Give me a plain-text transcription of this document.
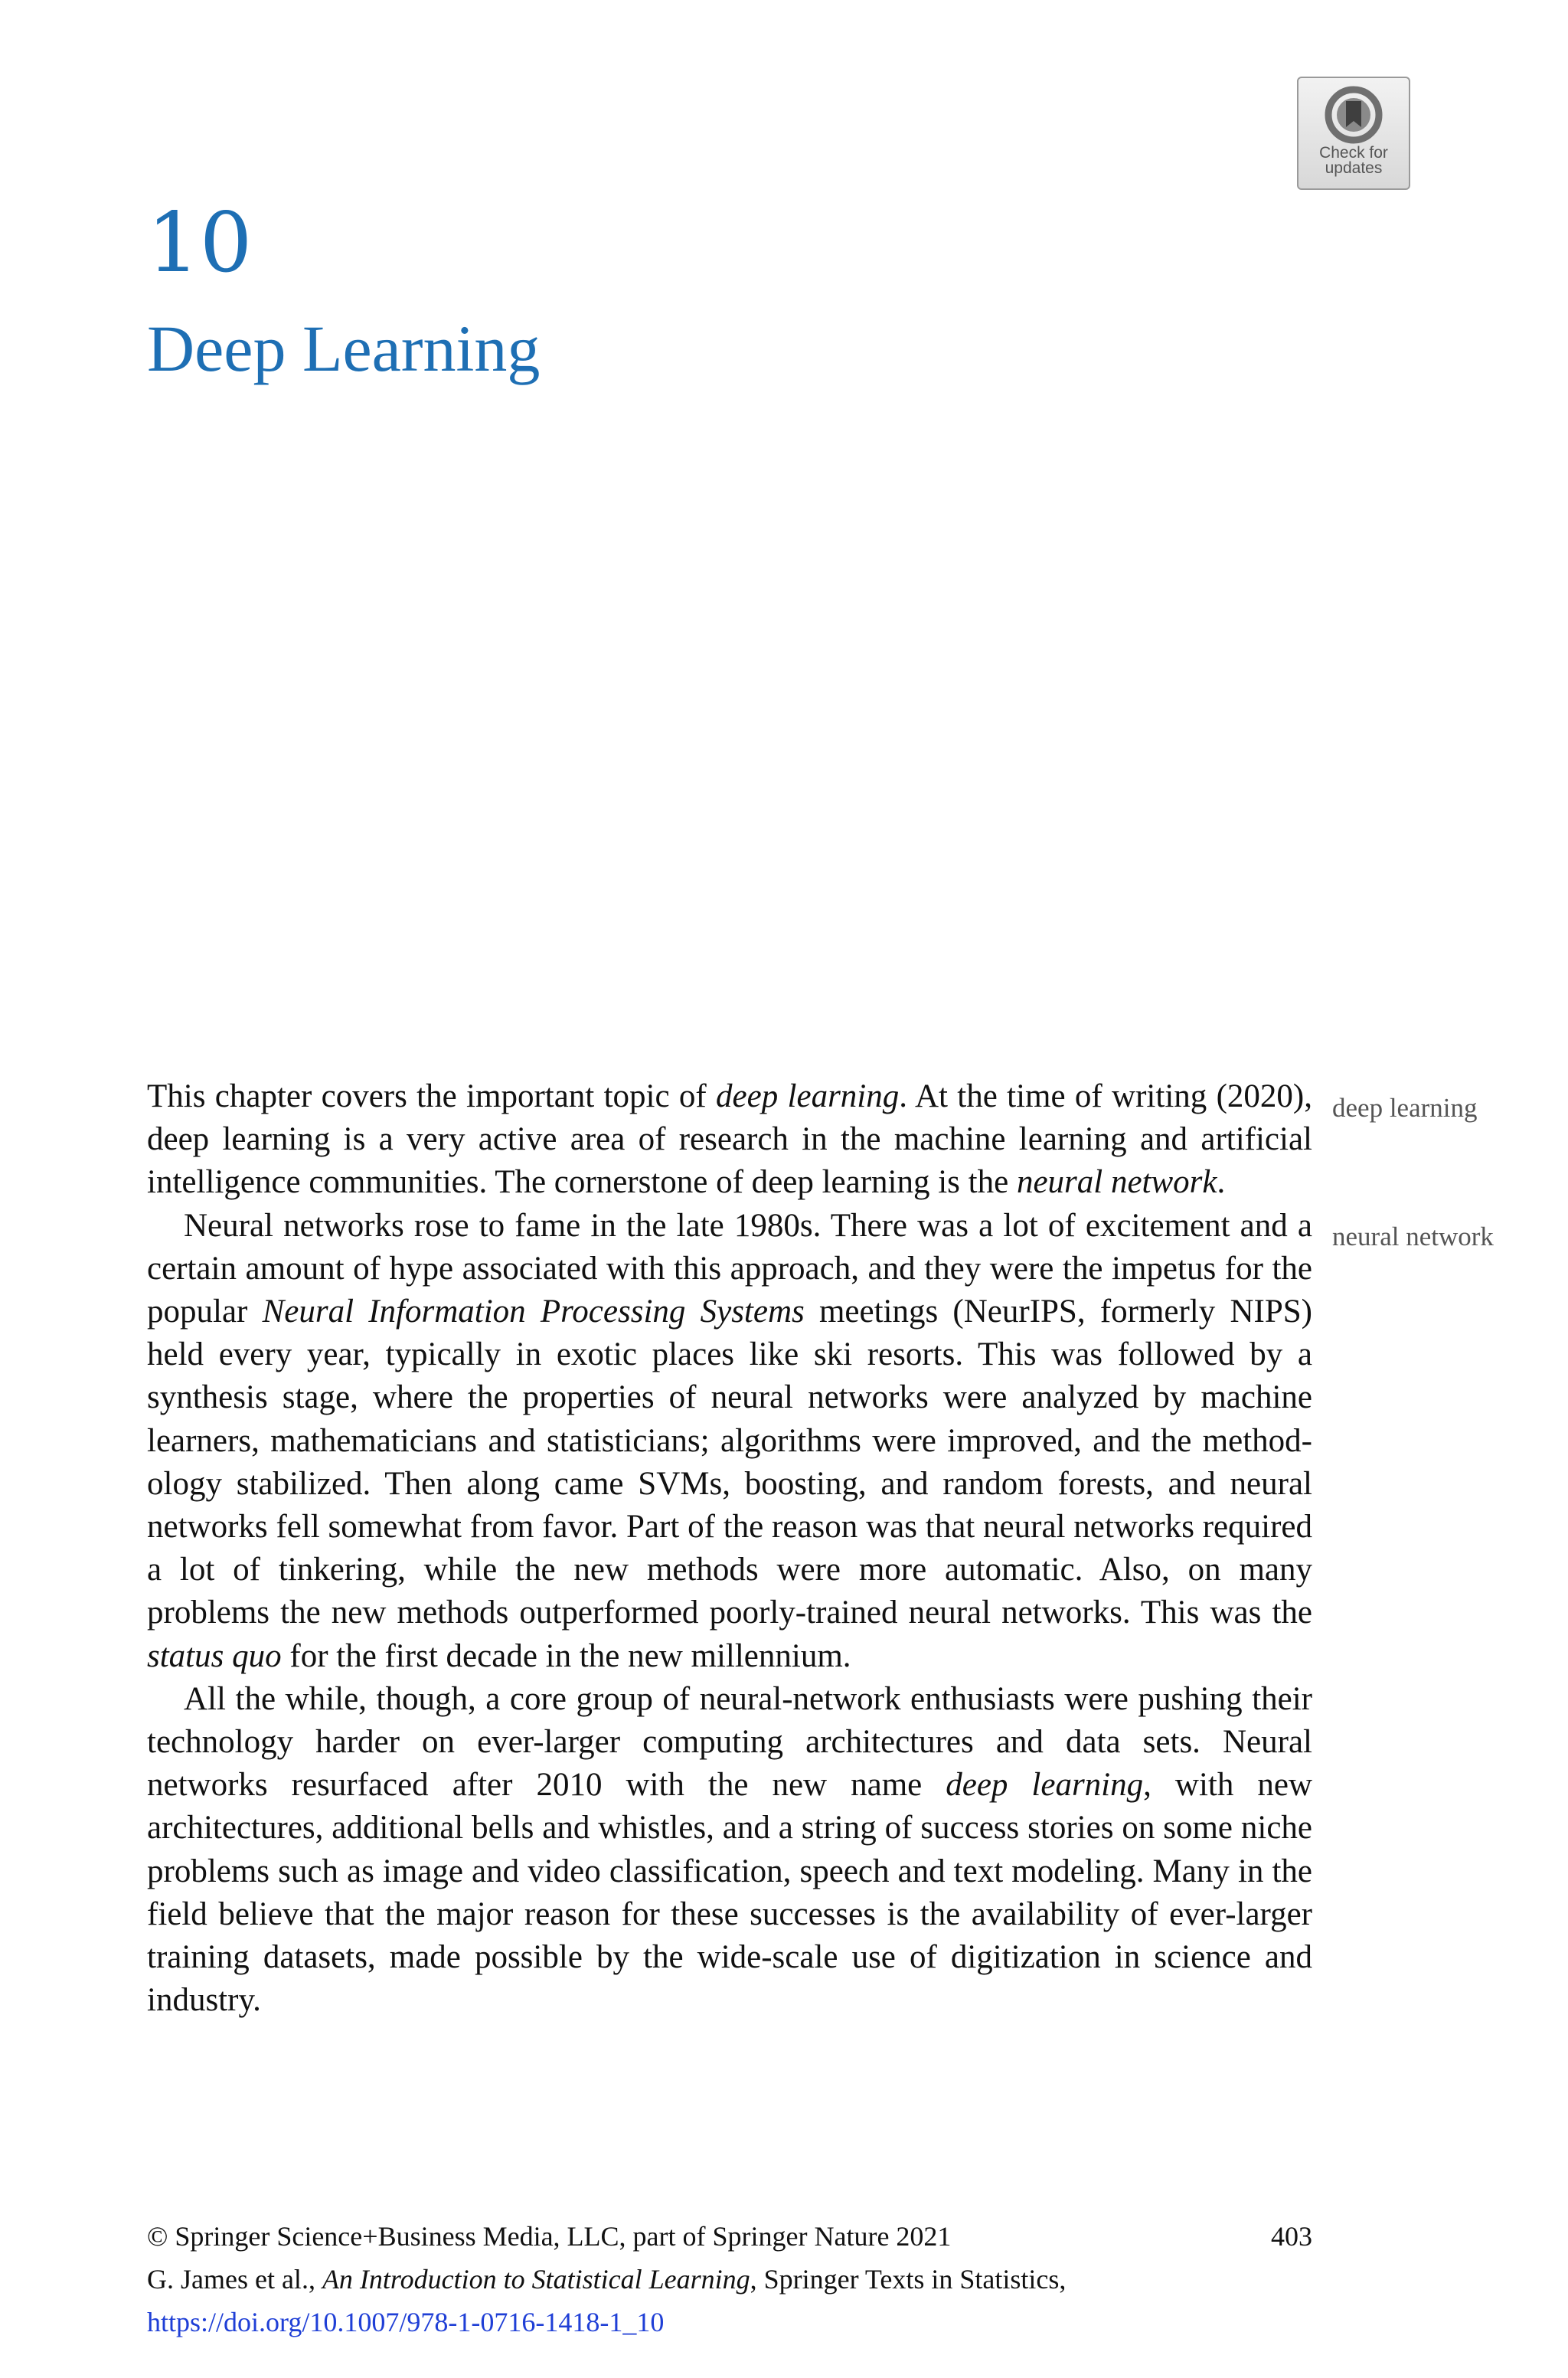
Check for updates
10
Deep Learning
deep learning
neural network

This chapter covers the important topic of deep learning. At the time of writing (2020), deep learning is a very active area of research in the machine learning and artificial intelligence communities. The cornerstone of deep learning is the neural network.

Neural networks rose to fame in the late 1980s. There was a lot of excitement and a certain amount of hype associated with this approach, and they were the impetus for the popular Neural Information Processing Systems meetings (NeurIPS, formerly NIPS) held every year, typically in exotic places like ski resorts. This was followed by a synthesis stage, where the properties of neural networks were analyzed by machine learners, mathematicians and statisticians; algorithms were improved, and the methodology stabilized. Then along came SVMs, boosting, and random forests, and neural networks fell somewhat from favor. Part of the reason was that neural networks required a lot of tinkering, while the new methods were more automatic. Also, on many problems the new methods outperformed poorly-trained neural networks. This was the status quo for the first decade in the new millennium.

All the while, though, a core group of neural-network enthusiasts were pushing their technology harder on ever-larger computing architectures and data sets. Neural networks resurfaced after 2010 with the new name deep learning, with new architectures, additional bells and whistles, and a string of success stories on some niche problems such as image and video classification, speech and text modeling. Many in the field believe that the major reason for these successes is the availability of ever-larger training datasets, made possible by the wide-scale use of digitization in science and industry.

© Springer Science+Business Media, LLC, part of Springer Nature 2021	403
G. James et al., An Introduction to Statistical Learning, Springer Texts in Statistics,
https://doi.org/10.1007/978-1-0716-1418-1_10
